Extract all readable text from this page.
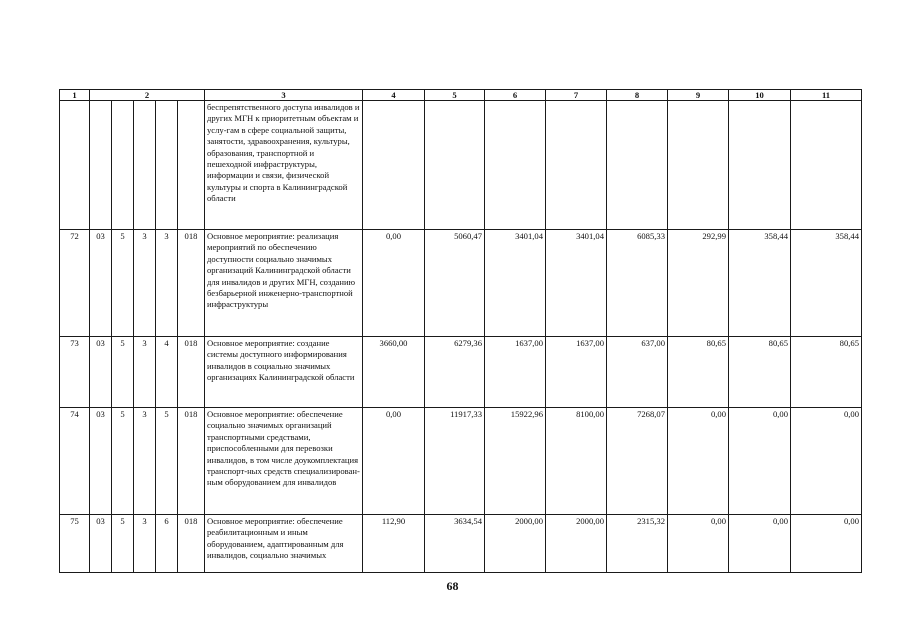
1	2					3	4	5	6	7	8	9	10	11
						беспрепятственного доступа инвалидов и других МГН к приоритетным объектам и услу-гам в сфере социальной защиты, занятости, здравоохранения, культуры, образования, транспортной и пешеходной инфраструктуры, информации и связи, физической культуры и спорта в Калининградской области								
72	03	5	3	3	018	Основное мероприятие: реализация мероприятий по обеспечению доступности социально значимых организаций Калининградской области для инвалидов и других МГН, созданию безбарьерной инженерно-транспортной инфраструктуры	0,00	5060,47	3401,04	3401,04	6085,33	292,99	358,44	358,44
73	03	5	3	4	018	Основное мероприятие: создание системы доступного информирования инвалидов в социально значимых организациях Калининградской области	3660,00	6279,36	1637,00	1637,00	637,00	80,65	80,65	80,65
74	03	5	3	5	018	Основное мероприятие: обеспечение социально значимых организаций транспортными средствами, приспособленными для перевозки инвалидов, в том числе доукомплектация транспорт-ных средств специализирован-ным оборудованием для инвалидов	0,00	11917,33	15922,96	8100,00	7268,07	0,00	0,00	0,00
75	03	5	3	6	018	Основное мероприятие: обеспечение реабилитационным и иным оборудованием, адаптированным для инвалидов, социально значимых	112,90	3634,54	2000,00	2000,00	2315,32	0,00	0,00	0,00
68
